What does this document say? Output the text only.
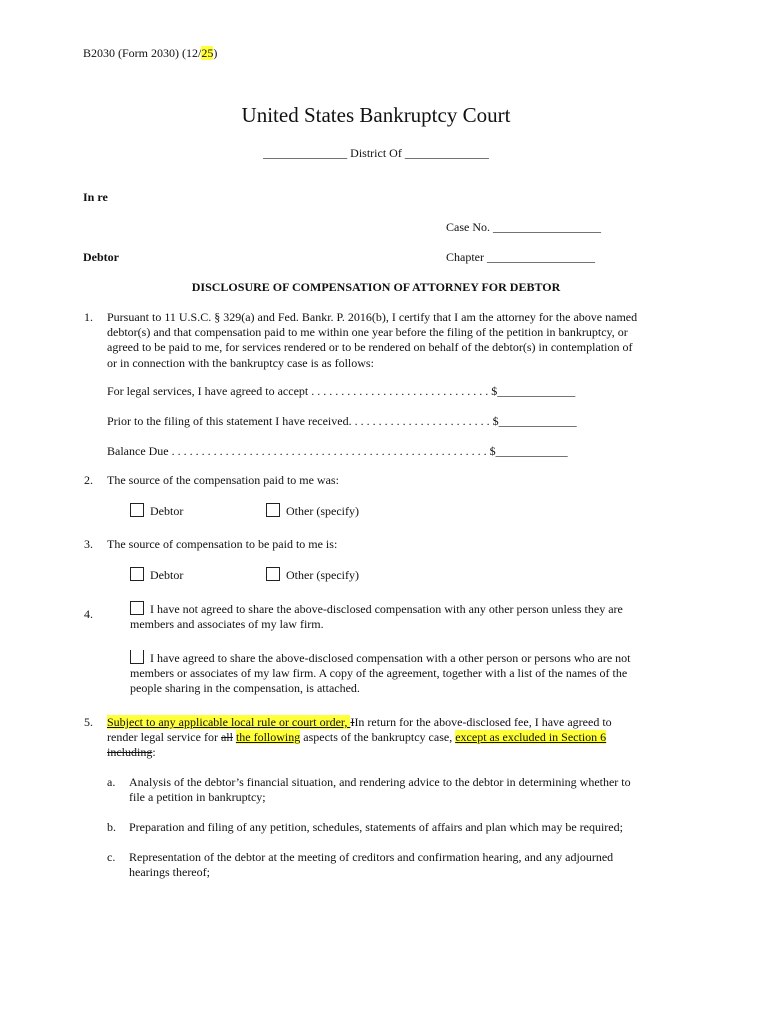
B2030 (Form 2030) (12/25)
United States Bankruptcy Court
______________ District Of ______________
In re
Case No. __________________
Debtor	Chapter __________________
DISCLOSURE OF COMPENSATION OF ATTORNEY FOR DEBTOR
1. Pursuant to 11 U.S.C. § 329(a) and Fed. Bankr. P. 2016(b), I certify that I am the attorney for the above named
debtor(s) and that compensation paid to me within one year before the filing of the petition in bankruptcy, or
agreed to be paid to me, for services rendered or to be rendered on behalf of the debtor(s) in contemplation of
or in connection with the bankruptcy case is as follows:
For legal services, I have agreed to accept . . . . . . . . . . . . . . . . . . . . . . . . . . . . . . $_____________
Prior to the filing of this statement I have received. . . . . . . . . . . . . . . . . . . . . . . . $_____________
Balance Due . . . . . . . . . . . . . . . . . . . . . . . . . . . . . . . . . . . . . . . . . . . . . . . . . . . . . $____________
2. The source of the compensation paid to me was:
Debtor	Other (specify)
3. The source of compensation to be paid to me is:
Debtor	Other (specify)
4.	I have not agreed to share the above-disclosed compensation with any other person unless they are
members and associates of my law firm.
I have agreed to share the above-disclosed compensation with a other person or persons who are not
members or associates of my law firm. A copy of the agreement, together with a list of the names of the
people sharing in the compensation, is attached.
5. Subject to any applicable local rule or court order, IIn return for the above-disclosed fee, I have agreed to
render legal service for all the following aspects of the bankruptcy case, except as excluded in Section 6
including:
a. Analysis of the debtor’s financial situation, and rendering advice to the debtor in determining whether to
file a petition in bankruptcy;
b. Preparation and filing of any petition, schedules, statements of affairs and plan which may be required;
c. Representation of the debtor at the meeting of creditors and confirmation hearing, and any adjourned
hearings thereof;
